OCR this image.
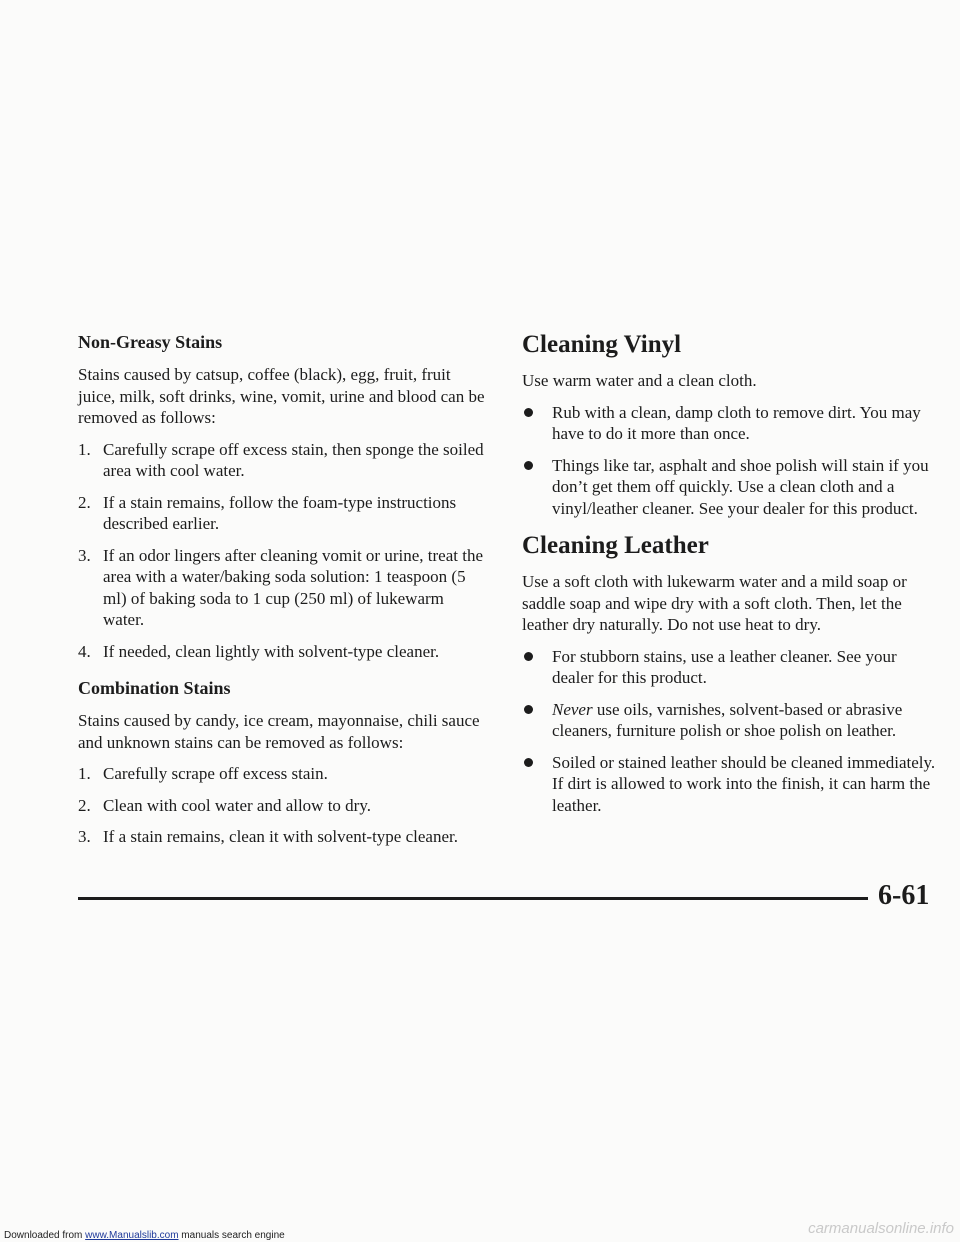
Non-Greasy Stains

Stains caused by catsup, coffee (black), egg, fruit, fruit juice, milk, soft drinks, wine, vomit, urine and blood can be removed as follows:

1. Carefully scrape off excess stain, then sponge the soiled area with cool water.
2. If a stain remains, follow the foam-type instructions described earlier.
3. If an odor lingers after cleaning vomit or urine, treat the area with a water/baking soda solution: 1 teaspoon (5 ml) of baking soda to 1 cup (250 ml) of lukewarm water.
4. If needed, clean lightly with solvent-type cleaner.
Combination Stains

Stains caused by candy, ice cream, mayonnaise, chili sauce and unknown stains can be removed as follows:

1. Carefully scrape off excess stain.
2. Clean with cool water and allow to dry.
3. If a stain remains, clean it with solvent-type cleaner.
Cleaning Vinyl

Use warm water and a clean cloth.

Rub with a clean, damp cloth to remove dirt. You may have to do it more than once.
Things like tar, asphalt and shoe polish will stain if you don’t get them off quickly. Use a clean cloth and a vinyl/leather cleaner. See your dealer for this product.
Cleaning Leather

Use a soft cloth with lukewarm water and a mild soap or saddle soap and wipe dry with a soft cloth. Then, let the leather dry naturally. Do not use heat to dry.

For stubborn stains, use a leather cleaner. See your dealer for this product.
Never use oils, varnishes, solvent-based or abrasive cleaners, furniture polish or shoe polish on leather.
Soiled or stained leather should be cleaned immediately. If dirt is allowed to work into the finish, it can harm the leather.
6-61
Downloaded from www.Manualslib.com manuals search engine	carmanualsonline.info
